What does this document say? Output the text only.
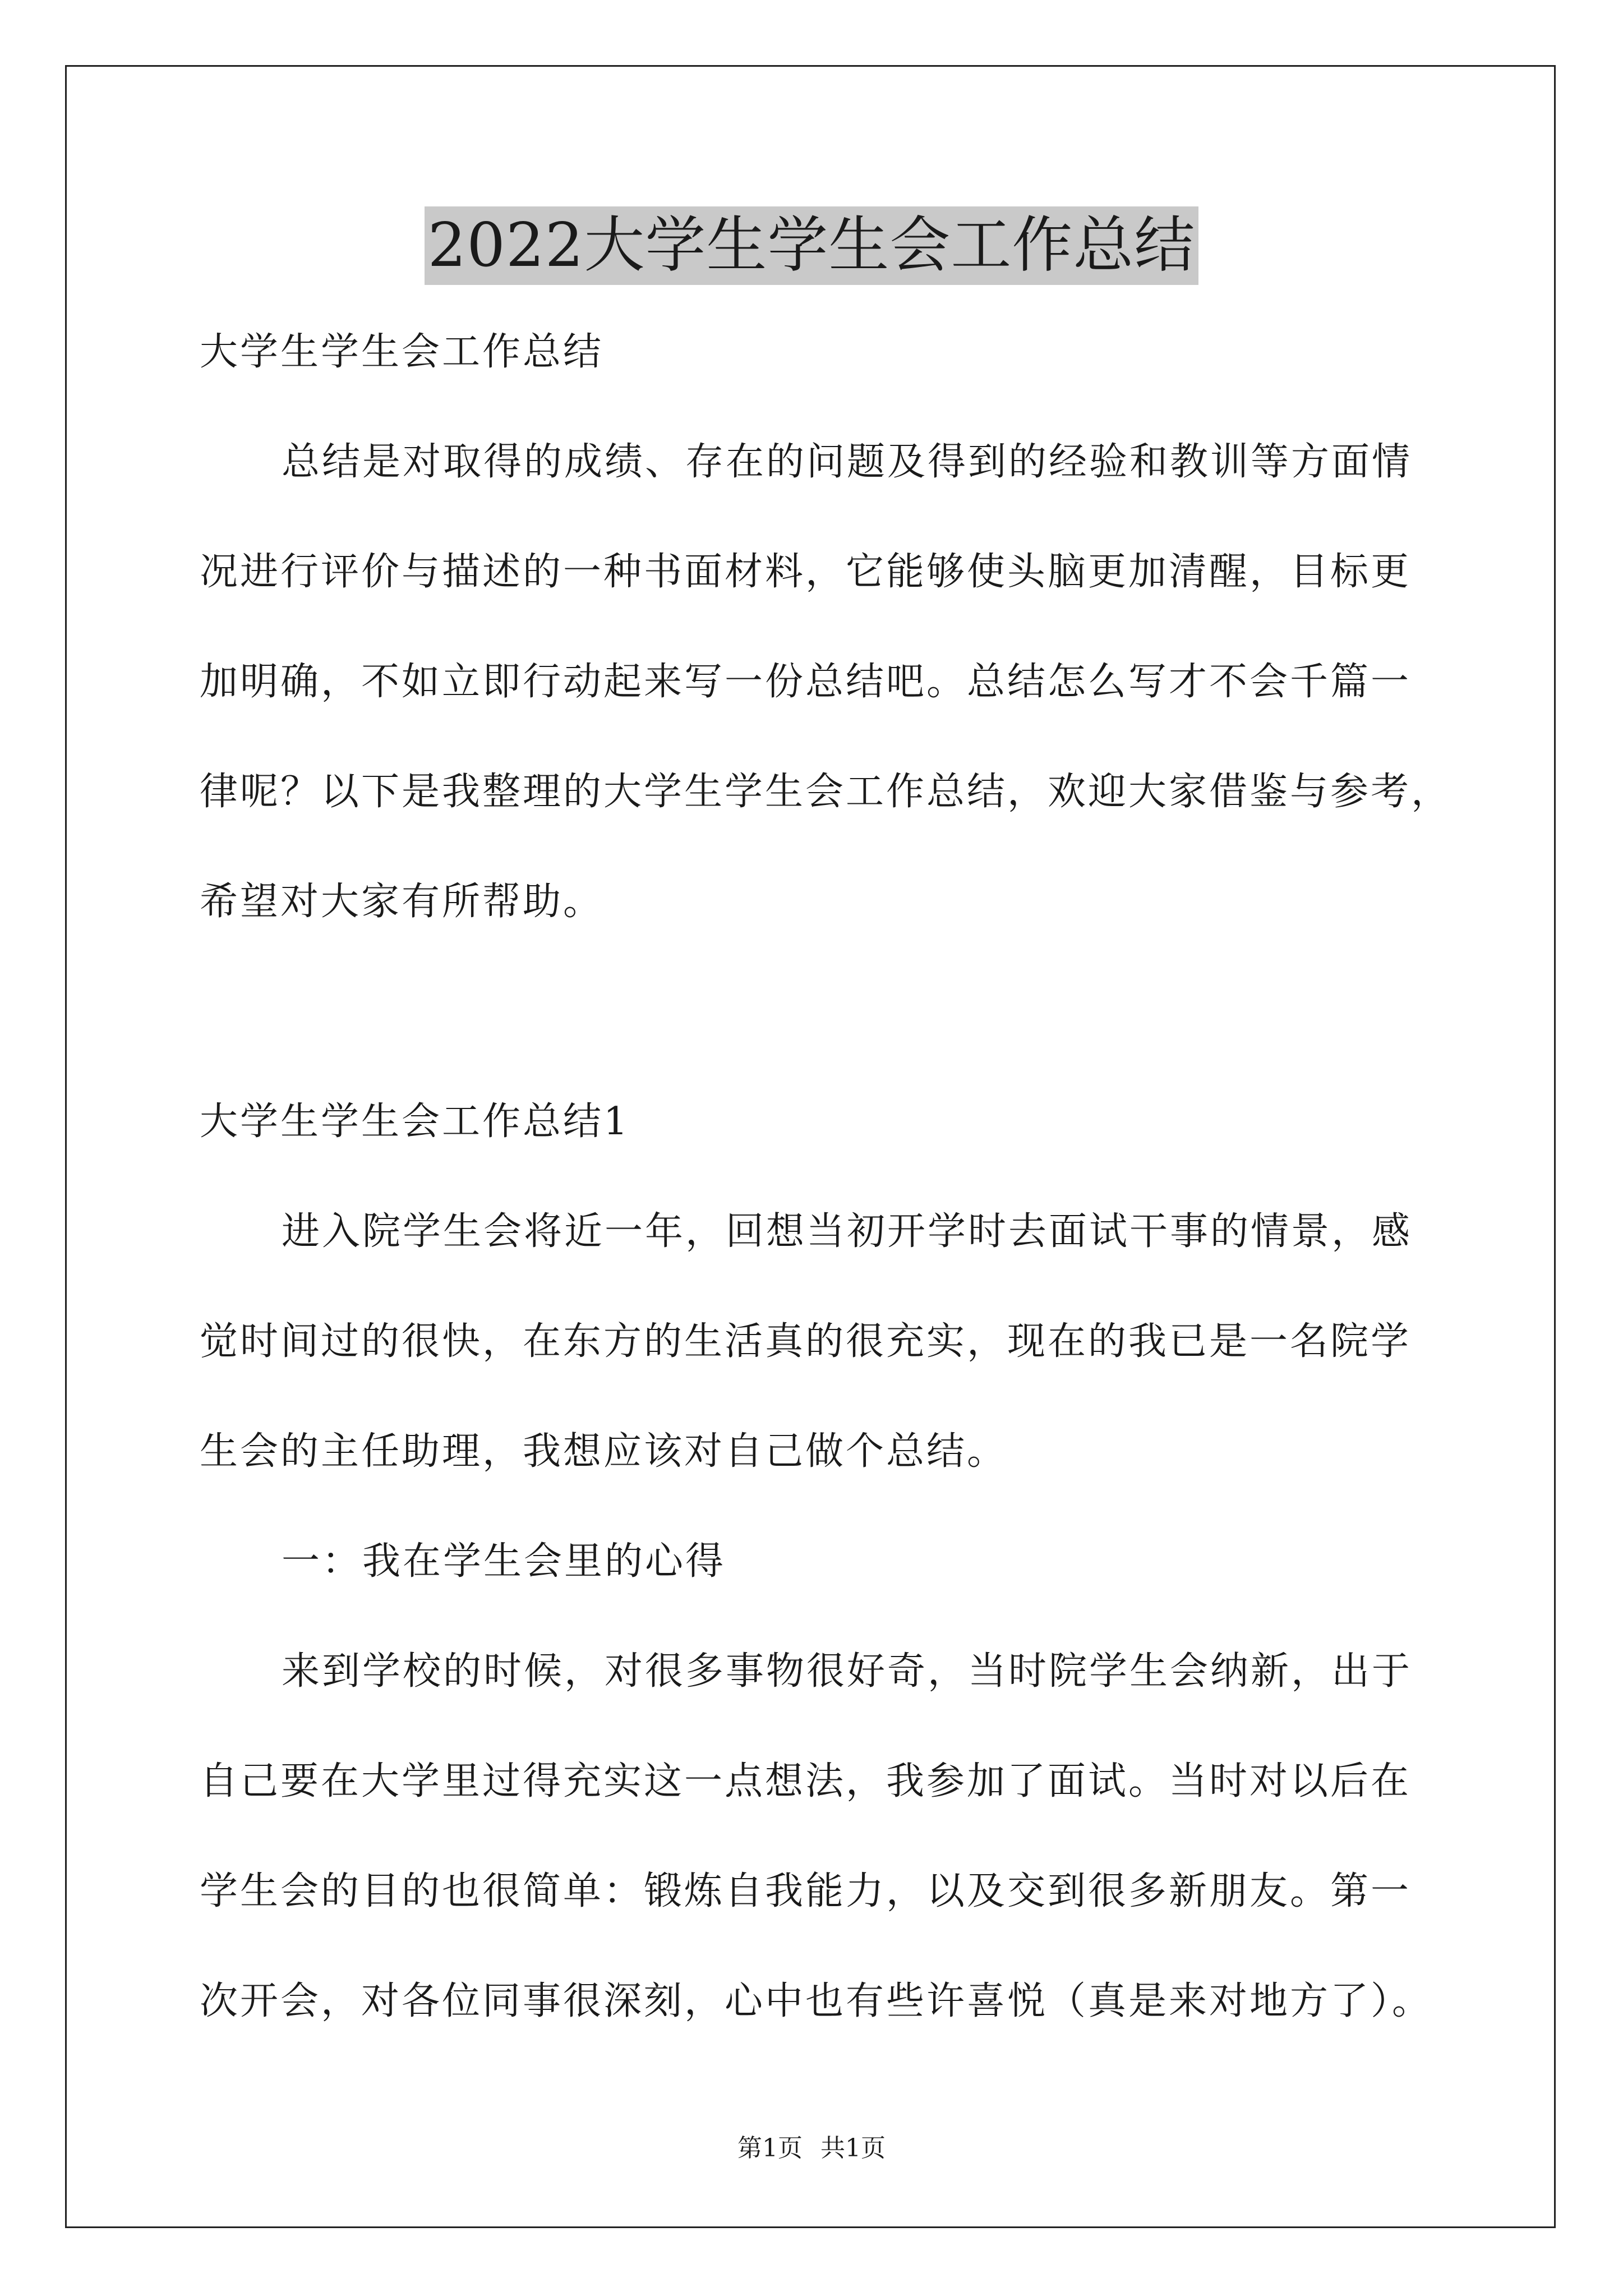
2022大学生学生会工作总结

大学生学生会工作总结

总结是对取得的成绩、存在的问题及得到的经验和教训等方面情

况进行评价与描述的一种书面材料，它能够使头脑更加清醒，目标更

加明确，不如立即行动起来写一份总结吧。总结怎么写才不会千篇一

律呢？以下是我整理的大学生学生会工作总结，欢迎大家借鉴与参考，

希望对大家有所帮助。

大学生学生会工作总结1

进入院学生会将近一年，回想当初开学时去面试干事的情景，感

觉时间过的很快，在东方的生活真的很充实，现在的我已是一名院学

生会的主任助理，我想应该对自己做个总结。

一：我在学生会里的心得

来到学校的时候，对很多事物很好奇，当时院学生会纳新，出于

自己要在大学里过得充实这一点想法，我参加了面试。当时对以后在

学生会的目的也很简单：锻炼自我能力，以及交到很多新朋友。第一

次开会，对各位同事很深刻，心中也有些许喜悦（真是来对地方了）。

第1页 共1页
